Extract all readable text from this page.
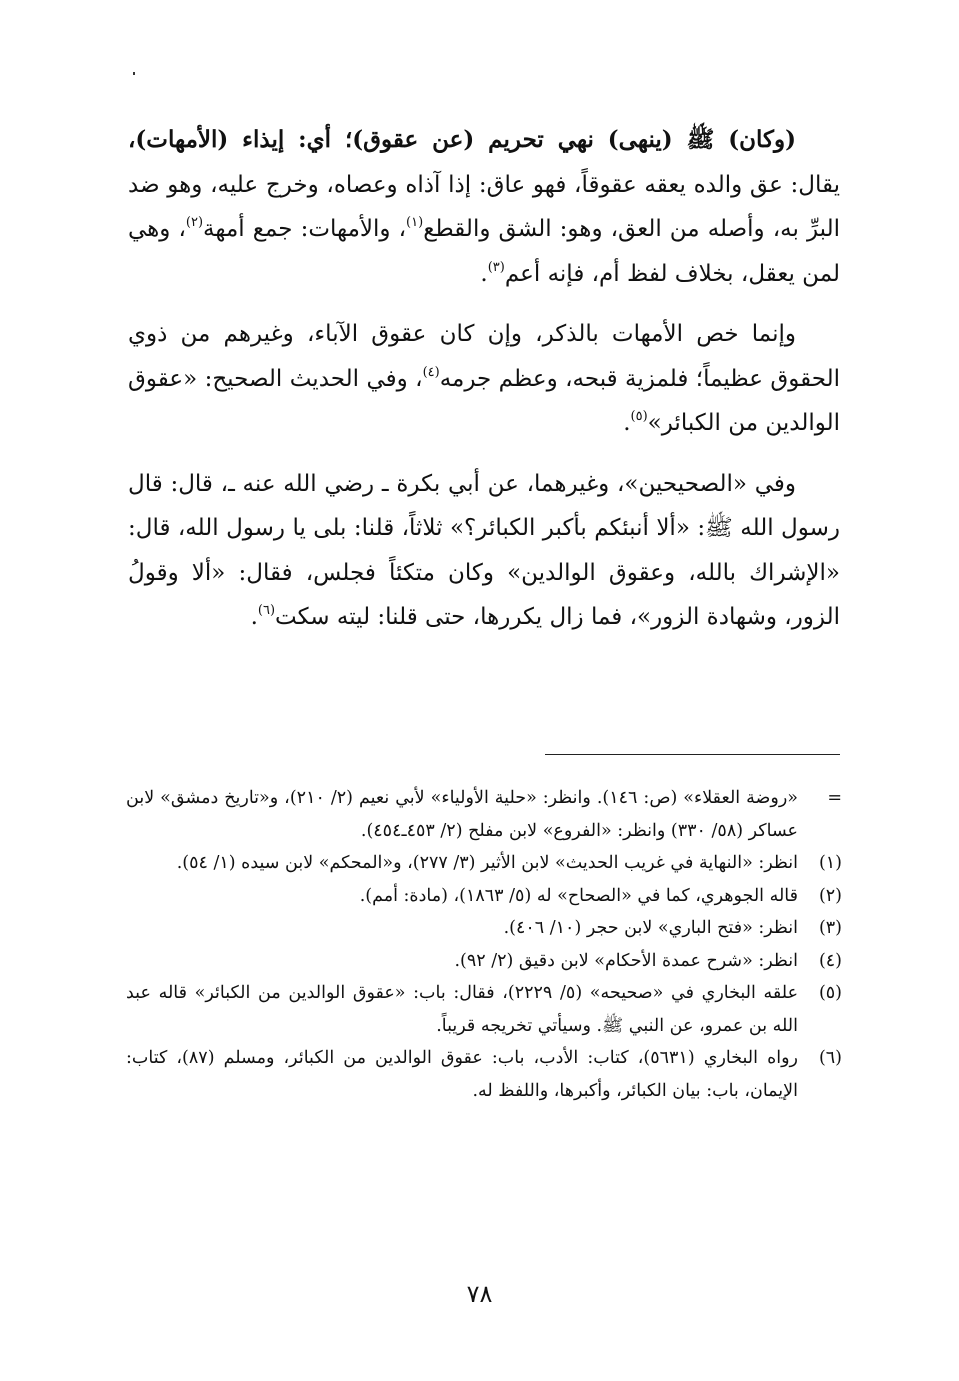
(وكان) ﷺ (ينهى) نهي تحريم (عن عقوق)؛ أي: إيذاء (الأمهات)، يقال: عق والده يعقه عقوقاً، فهو عاق: إذا آذاه وعصاه، وخرج عليه، وهو ضد البرِّ به، وأصله من العق، وهو: الشق والقطع$^{(١)}$، والأمهات: جمع أمهة$^{(٢)}$، وهي لمن يعقل، بخلاف لفظ أم، فإنه أعم$^{(٣)}$.

وإنما خص الأمهات بالذكر، وإن كان عقوق الآباء، وغيرهم من ذوي الحقوق عظيماً؛ فلمزية قبحه، وعظم جرمه$^{(٤)}$، وفي الحديث الصحيح: «عقوق الوالدين من الكبائر»$^{(٥)}$.

وفي «الصحيحين»، وغيرهما، عن أبي بكرة ـ رضي الله عنه ـ، قال: قال رسول الله ﷺ: «ألا أنبئكم بأكبر الكبائر؟» ثلاثاً، قلنا: بلى يا رسول الله، قال: «الإشراك بالله، وعقوق الوالدين» وكان متكئاً فجلس، فقال: «ألا وقولُ الزور، وشهادة الزور»، فما زال يكررها، حتى قلنا: ليته سكت$^{(٦)}$.

=
«روضة العقلاء» (ص: ١٤٦). وانظر: «حلية الأولياء» لأبي نعيم (٢/ ٢١٠)، و«تاريخ دمشق» لابن عساكر (٥٨/ ٣٣٠) وانظر: «الفروع» لابن مفلح (٢/ ٤٥٣ـ٤٥٤).
(١)
انظر: «النهاية في غريب الحديث» لابن الأثير (٣/ ٢٧٧)، و«المحكم» لابن سيده (١/ ٥٤).
(٢)
قاله الجوهري، كما في «الصحاح» له (٥/ ١٨٦٣)، (مادة: أمم).
(٣)
انظر: «فتح الباري» لابن حجر (١٠/ ٤٠٦).
(٤)
انظر: «شرح عمدة الأحكام» لابن دقيق (٢/ ٩٢).
(٥)
علقه البخاري في «صحيحه» (٥/ ٢٢٢٩)، فقال: باب: «عقوق الوالدين من الكبائر» قاله عبد الله بن عمرو، عن النبي ﷺ. وسيأتي تخريجه قريباً.
(٦)
رواه البخاري (٥٦٣١)، كتاب: الأدب، باب: عقوق الوالدين من الكبائر، ومسلم (٨٧)، كتاب: الإيمان، باب: بيان الكبائر، وأكبرها، واللفظ له.
٧٨
